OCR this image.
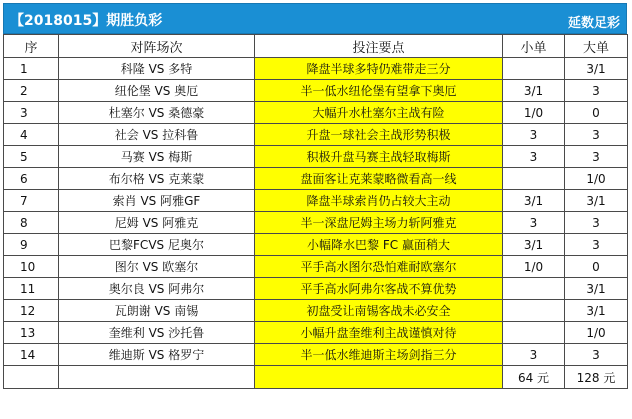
【2018015】期胜负彩	延数足彩
序	对阵场次	投注要点	小单	大单
1	科隆 VS 多特	降盘半球多特仍难带走三分		3/1
2	纽伦堡 VS 奥厄	半一低水纽伦堡有望拿下奥厄	3/1	3
3	杜塞尔 VS 桑德豪	大幅升水杜塞尔主战有险	1/0	0
4	社会 VS 拉科鲁	升盘一球社会主战形势积极	3	3
5	马赛 VS 梅斯	积极升盘马赛主战轻取梅斯	3	3
6	布尔格 VS 克莱蒙	盘面客让克莱蒙略微看高一线		1/0
7	索肖 VS 阿雅GF	降盘半球索肖仍占较大主动	3/1	3/1
8	尼姆 VS 阿雅克	半一深盘尼姆主场力斩阿雅克	3	3
9	巴黎FCVS 尼奥尔	小幅降水巴黎 FC 赢面稍大	3/1	3
10	图尔 VS 欧塞尔	平手高水图尔恐怕难耐欧塞尔	1/0	0
11	奥尔良 VS 阿弗尔	平手高水阿弗尔客战不算优势		3/1
12	瓦朗谢 VS 南锡	初盘受让南锡客战未必安全		3/1
13	奎维利 VS 沙托鲁	小幅升盘奎维利主战谨慎对待		1/0
14	维迪斯 VS 格罗宁	半一低水维迪斯主场剑指三分	3	3
			64 元	128 元
